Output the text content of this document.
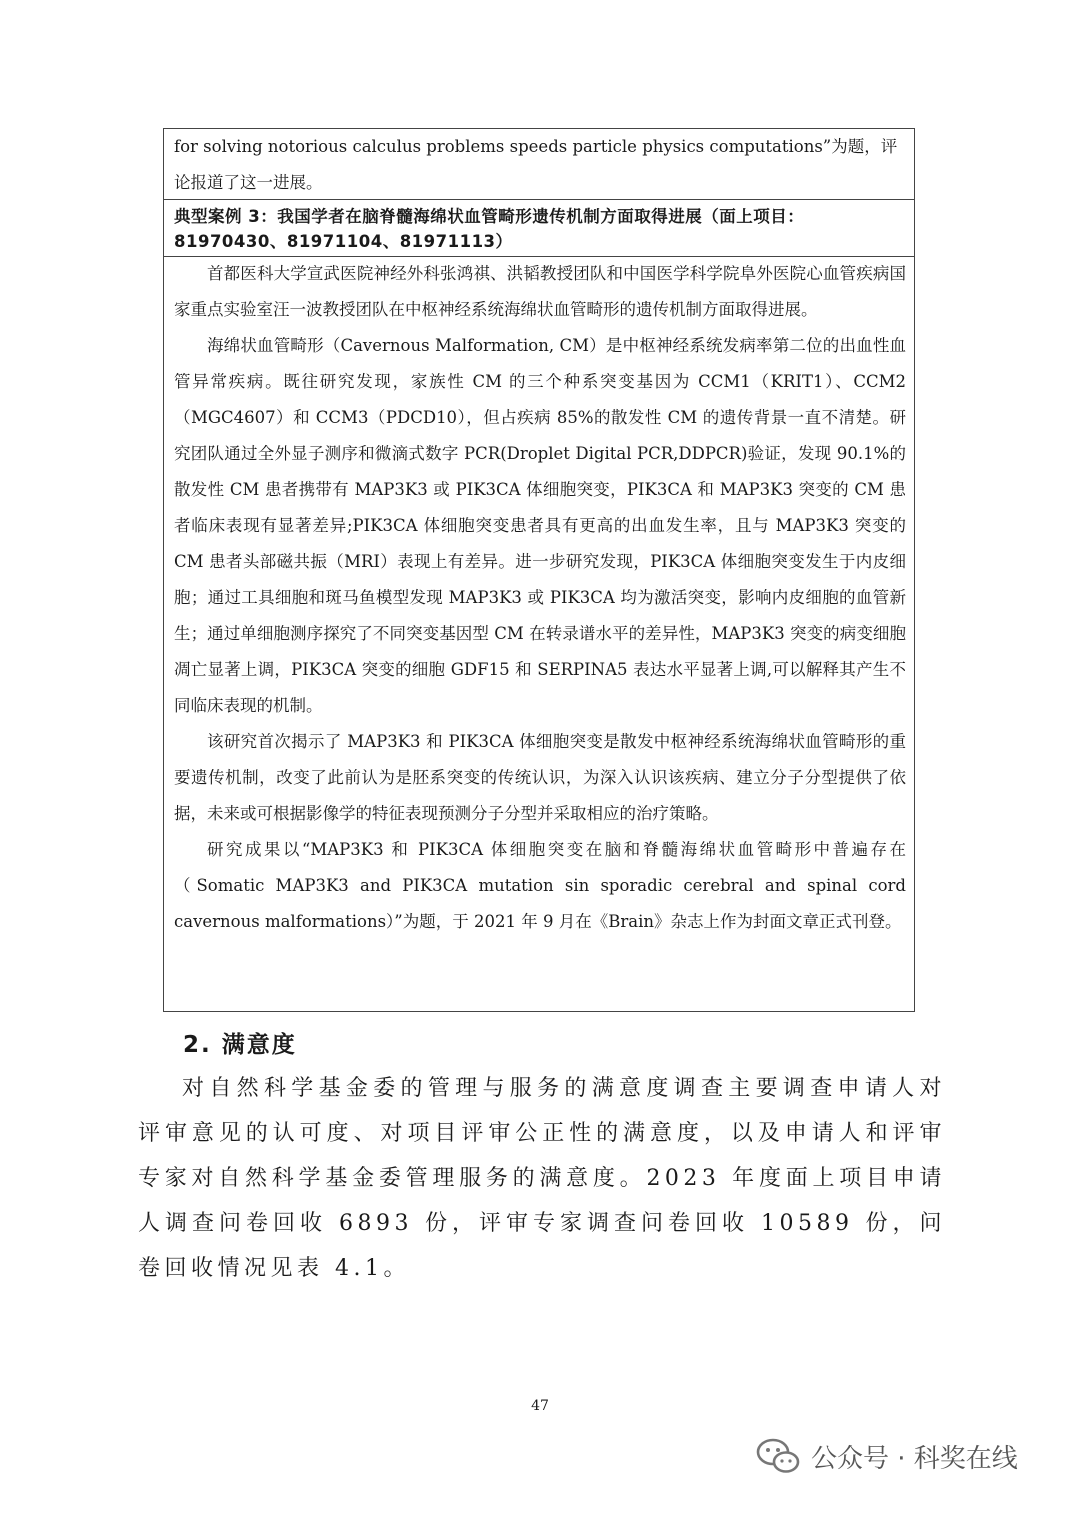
for solving notorious calculus problems speeds particle physics computations”为题，评论报道了这一进展。
典型案例 3：我国学者在脑脊髓海绵状血管畸形遗传机制方面取得进展（面上项目：81970430、81971104、81971113）

首都医科大学宣武医院神经外科张鸿祺、洪韬教授团队和中国医学科学院阜外医院心血管疾病国家重点实验室汪一波教授团队在中枢神经系统海绵状血管畸形的遗传机制方面取得进展。

海绵状血管畸形（Cavernous Malformation, CM）是中枢神经系统发病率第二位的出血性血管异常疾病。既往研究发现，家族性 CM 的三个种系突变基因为 CCM1（KRIT1）、CCM2（MGC4607）和 CCM3（PDCD10），但占疾病 85%的散发性 CM 的遗传背景一直不清楚。研究团队通过全外显子测序和微滴式数字 PCR(Droplet Digital PCR,DDPCR)验证，发现 90.1%的散发性 CM 患者携带有 MAP3K3 或 PIK3CA 体细胞突变，PIK3CA 和 MAP3K3 突变的 CM 患者临床表现有显著差异;PIK3CA 体细胞突变患者具有更高的出血发生率，且与 MAP3K3 突变的 CM 患者头部磁共振（MRI）表现上有差异。进一步研究发现，PIK3CA 体细胞突变发生于内皮细胞；通过工具细胞和斑马鱼模型发现 MAP3K3 或 PIK3CA 均为激活突变，影响内皮细胞的血管新生；通过单细胞测序探究了不同突变基因型 CM 在转录谱水平的差异性，MAP3K3 突变的病变细胞凋亡显著上调，PIK3CA 突变的细胞 GDF15 和 SERPINA5 表达水平显著上调,可以解释其产生不同临床表现的机制。

该研究首次揭示了 MAP3K3 和 PIK3CA 体细胞突变是散发中枢神经系统海绵状血管畸形的重要遗传机制，改变了此前认为是胚系突变的传统认识，为深入认识该疾病、建立分子分型提供了依据，未来或可根据影像学的特征表现预测分子分型并采取相应的治疗策略。

研究成果以“MAP3K3 和 PIK3CA 体细胞突变在脑和脊髓海绵状血管畸形中普遍存在（Somatic MAP3K3 and PIK3CA mutation sin sporadic cerebral and spinal cord cavernous malformations）”为题，于 2021 年 9 月在《Brain》杂志上作为封面文章正式刊登。

2. 满意度

对自然科学基金委的管理与服务的满意度调查主要调查申请人对评审意见的认可度、对项目评审公正性的满意度，以及申请人和评审专家对自然科学基金委管理服务的满意度。2023 年度面上项目申请人调查问卷回收 6893 份，评审专家调查问卷回收 10589 份，问卷回收情况见表 4.1。

47
公众号 · 科奖在线
